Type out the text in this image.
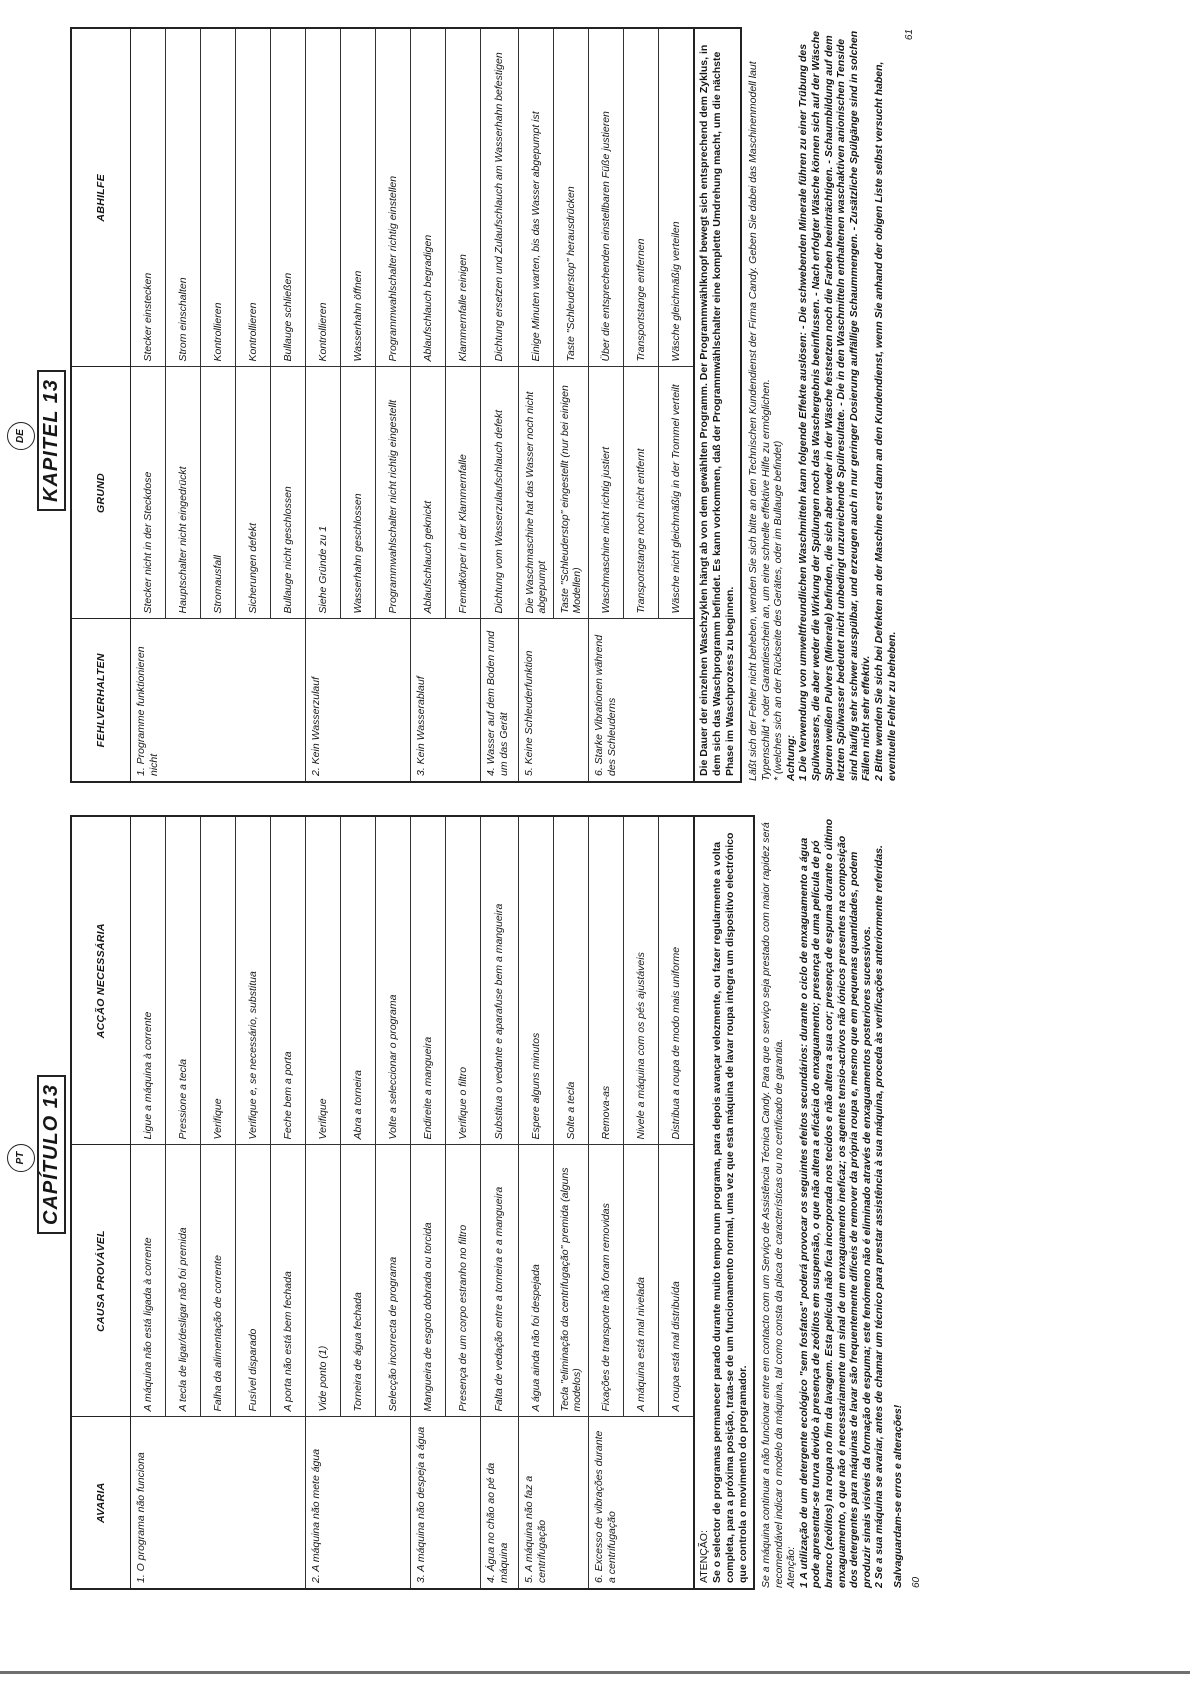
PT CAPÍTULO 13
AVARIA	CAUSA PROVÁVEL	ACÇÃO NECESSÁRIA
1. O programa não funciona	A máquina não está ligada à corrente	Ligue a máquina à corrente
	A tecla de ligar/desligar não foi premida	Pressione a tecla
	Falha da alimentação de corrente	Verifique
	Fusível disparado	Verifique e, se necessário, substitua
	A porta não está bem fechada	Feche bem a porta
2. A máquina não mete água	Vide ponto (1)	Verifique
	Torneira de água fechada	Abra a torneira
	Selecção incorrecta de programa	Volte a seleccionar o programa
3. A máquina não despeja a água	Mangueira de esgoto dobrada ou torcida	Endireite a mangueira
	Presença de um corpo estranho no filtro	Verifique o filtro
4. Água no chão ao pé da máquina	Falta de vedação entre a torneira e a mangueira	Substitua o vedante e aparafuse bem a mangueira
5. A máquina não faz a centrifugação	A água ainda não foi despejada	Espere alguns minutos
	Tecla "eliminação da centrifugação" premida (alguns modelos)	Solte a tecla
6. Excesso de vibrações durante a centrifugação	Fixações de transporte não foram removidas	Remova-as
	A máquina está mal nivelada	Nivele a máquina com os pés ajustáveis
	A roupa está mal distribuída	Distribua a roupa de modo mais uniforme
ATENÇÃO: Se o selector de programas permanecer parado durante muito tempo num programa, para depois avançar velozmente, ou fazer regularmente a volta completa, para a próxima posição, trata-se de um funcionamento normal, uma vez que esta máquina de lavar roupa integra um dispositivo electrónico que controla o movimento do programador. Se a máquina continuar a não funcionar entre em contacto com um Serviço de Assistência Técnica Candy. Para que o serviço seja prestado com maior rapidez será recomendável indicar o modelo da máquina, tal como consta da placa de características ou no certificado de garantia. Atenção: 1 A utilização de um detergente ecológico "sem fosfatos" poderá provocar os seguintes efeitos secundários: durante o ciclo de enxaguamento a água pode apresentar-se turva devido à presença de zeólitos em suspensão, o que não altera a eficácia do enxaguamento; presença de uma película de pó branco (zeólitos) na roupa no fim da lavagem. Esta película não fica incorporada nos tecidos e não altera a sua cor; presença de espuma durante o último enxaguamento, o que não é necessariamente um sinal de um enxaguamento ineficaz; os agentes tensio-activos não iónicos presentes na composição dos detergentes para máquinas de lavar são frequentemente difíceis de remover da própria roupa e, mesmo que em pequenas quantidades, podem produzir sinais visíveis da formação de espuma; este fenómeno não é eliminado através de enxaguamentos posteriores sucessivos. 2 Se a sua máquina se avariar, antes de chamar um técnico para prestar assistência à sua máquina, proceda às verificações anteriormente referidas. Salvaguardam-se erros e alterações! 60
DE KAPITEL 13
FEHLVERHALTEN	GRUND	ABHILFE
1. Programme funktionieren nicht	Stecker nicht in der Steckdose	Stecker einstecken
	Hauptschalter nicht eingedrückt	Strom einschalten
	Stromausfall	Kontrollieren
	Sicherungen defekt	Kontrollieren
	Bullauge nicht geschlossen	Bullauge schließen
2. Kein Wasserzulauf	Siehe Gründe zu 1	Kontrollieren
	Wasserhahn geschlossen	Wasserhahn öffnen
	Programmwahlschalter nicht richtig eingestellt	Programmwahlschalter richtig einstellen
3. Kein Wasserablauf	Ablaufschlauch geknickt	Ablaufschlauch begradigen
	Fremdkörper in der Klammernfalle	Klammernfalle reinigen
4. Wasser auf dem Boden rund um das Gerät	Dichtung vom Wasserzulaufschlauch defekt	Dichtung ersetzen und Zulaufschlauch am Wasserhahn befestigen
5. Keine Schleuderfunktion	Die Waschmaschine hat das Wasser noch nicht abgepumpt	Einige Minuten warten, bis das Wasser abgepumpt ist
	Taste "Schleuderstop" eingestellt (nur bei einigen Modellen)	Taste "Schleuderstop" herausdrücken
6. Starke Vibrationen während des Schleuderns	Waschmaschine nicht richtig justiert	Über die entsprechenden einstellbaren Füße justieren
	Transportstange noch nicht entfernt	Transportstange entfernen
	Wäsche nicht gleichmäßig in der Trommel verteilt	Wäsche gleichmäßig verteilen Die Dauer der einzelnen Waschzyklen hängt ab von dem gewählten Programm. Der Programmwählknopf bewegt sich entsprechend dem Zyklus, in dem sich das Waschprogramm befindet. Es kann vorkommen, daß der Programmwählschalter eine komplette Umdrehung macht, um die nächste Phase im Waschprozess zu beginnen. Läßt sich der Fehler nicht beheben, wenden Sie sich bitte an den Technischen Kundendienst der Firma Candy. Geben Sie dabei das Maschinenmodell laut Typenschild * oder Garantieschein an, um eine schnelle effektive Hilfe zu ermöglichen. * (welches sich an der Rückseite des Gerätes, oder im Bullauge befindet) Achtung: 1 Die Verwendung von umweltfreundlichen Waschmitteln kann folgende Effekte auslösen: - Die schwebenden Minerale führen zu einer Trübung des Spülwassers, die aber weder die Wirkung der Spülungen noch das Waschergebnis beeinflussen. - Nach erfolgter Wäsche können sich auf der Wäsche Spuren weißen Pulvers (Minerale) befinden, die sich aber weder in der Wäsche festsetzen noch die Farben beeinträchtigen. - Schaumbildung auf dem letzten Spülwasser bedeutet nicht unbedingt unzureichende Spülresultate. - Die in den Waschmitteln enthaltenen waschaktiven anionischen Tenside sind häufig sehr schwer ausspülbar, und erzeugen auch in nur geringer Dosierung auffällige Schaummengen. - Zusätzliche Spülgänge sind in solchen Fällen nicht sehr effektiv. 2 Bitte wenden Sie sich bei Defekten an der Maschine erst dann an den Kundendienst, wenn Sie anhand der obigen Liste selbst versucht haben, eventuelle Fehler zu beheben.

61
